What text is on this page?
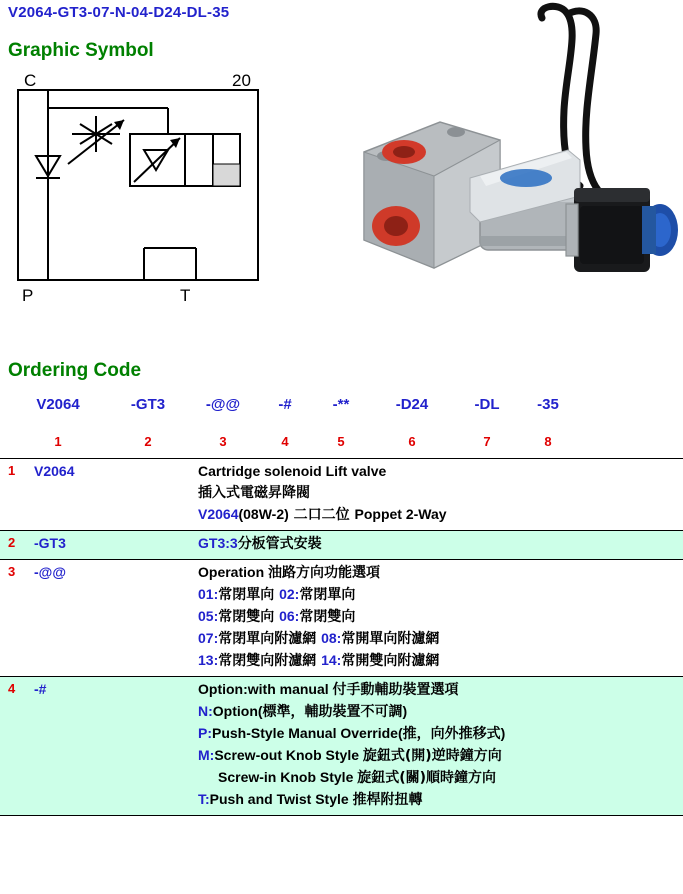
V2064-GT3-07-N-04-D24-DL-35
Graphic Symbol
C	20
P	T
Ordering Code
V2064	-GT3	-@@	-#	-**	-D24	-DL	-35
1	2	3	4	5	6	7	8
1	V2064	Cartridge solenoid Lift valve
插入式電磁昇降閥
V2064(08W-2) 二口二位 Poppet 2-Way
2	-GT3	GT3:3分板管式安裝
3	-@@	Operation 油路方向功能選項
01:常閉單向 02:常閉單向
05:常閉雙向 06:常閉雙向
07:常閉單向附濾網 08:常開單向附濾網
13:常閉雙向附濾網 14:常開雙向附濾網
4	-#	Option:with manual 付手動輔助裝置選項
N:Option(標準，輔助裝置不可調)
P:Push-Style Manual Override(推，向外推移式)
M:Screw-out Knob Style 旋鈕式(開)逆時鐘方向
Screw-in Knob Style 旋鈕式(關)順時鐘方向
T:Push and Twist Style 推桿附扭轉
